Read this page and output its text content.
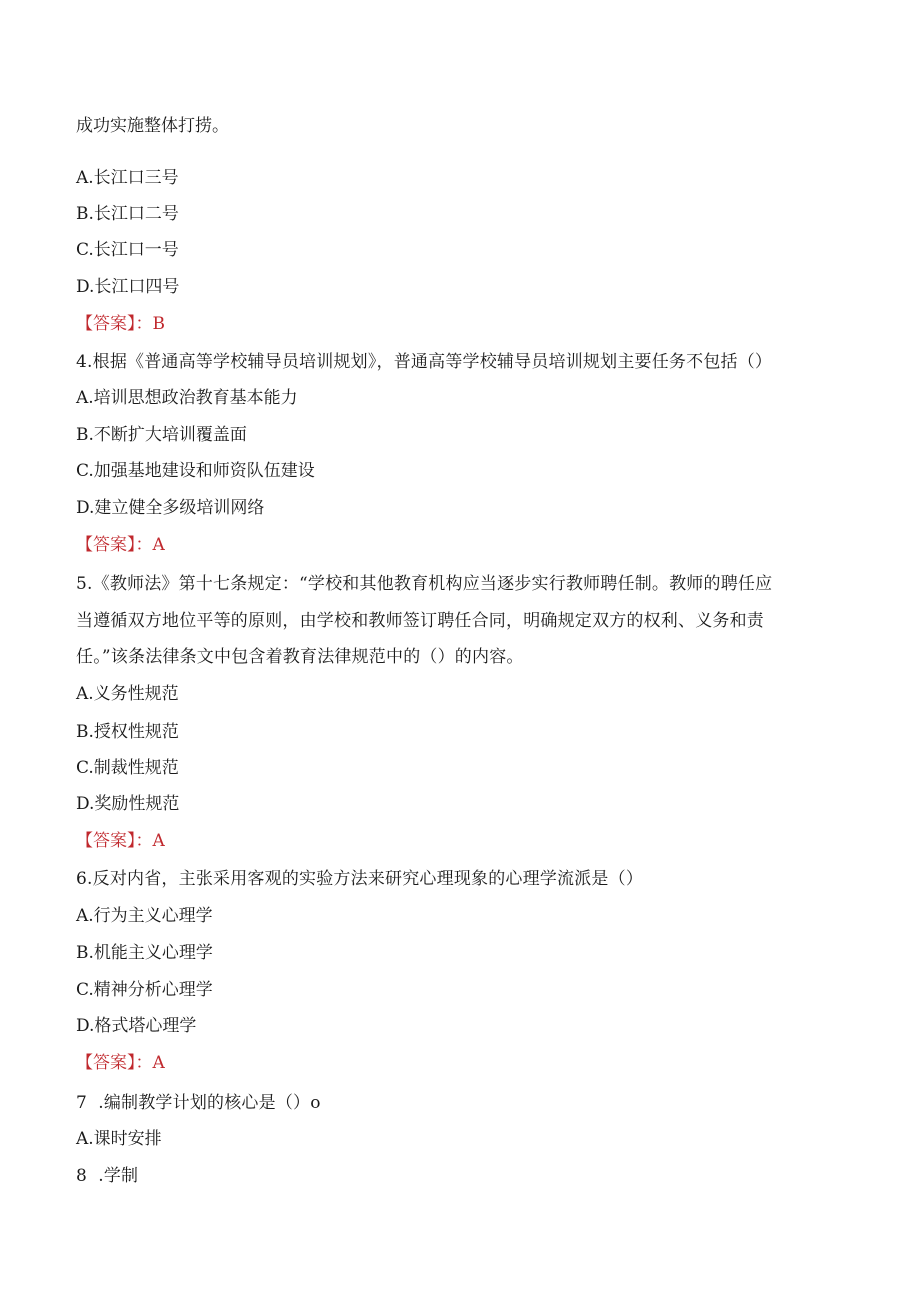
成功实施整体打捞。
A.长江口三号
B.长江口二号
C.长江口一号
D.长江口四号
【答案】：B
4.根据《普通高等学校辅导员培训规划》，普通高等学校辅导员培训规划主要任务不包括（）
A.培训思想政治教育基本能力
B.不断扩大培训覆盖面
C.加强基地建设和师资队伍建设
D.建立健全多级培训网络
【答案】：A
5.《教师法》第十七条规定：“学校和其他教育机构应当逐步实行教师聘任制。教师的聘任应
当遵循双方地位平等的原则，由学校和教师签订聘任合同，明确规定双方的权利、义务和责
任。”该条法律条文中包含着教育法律规范中的（）的内容。
A.义务性规范
B.授权性规范
C.制裁性规范
D.奖励性规范
【答案】：A
6.反对内省，主张采用客观的实验方法来研究心理现象的心理学流派是（）
A.行为主义心理学
B.机能主义心理学
C.精神分析心理学
D.格式塔心理学
【答案】：A
7  .编制教学计划的核心是（）o
A.课时安排
8  .学制
